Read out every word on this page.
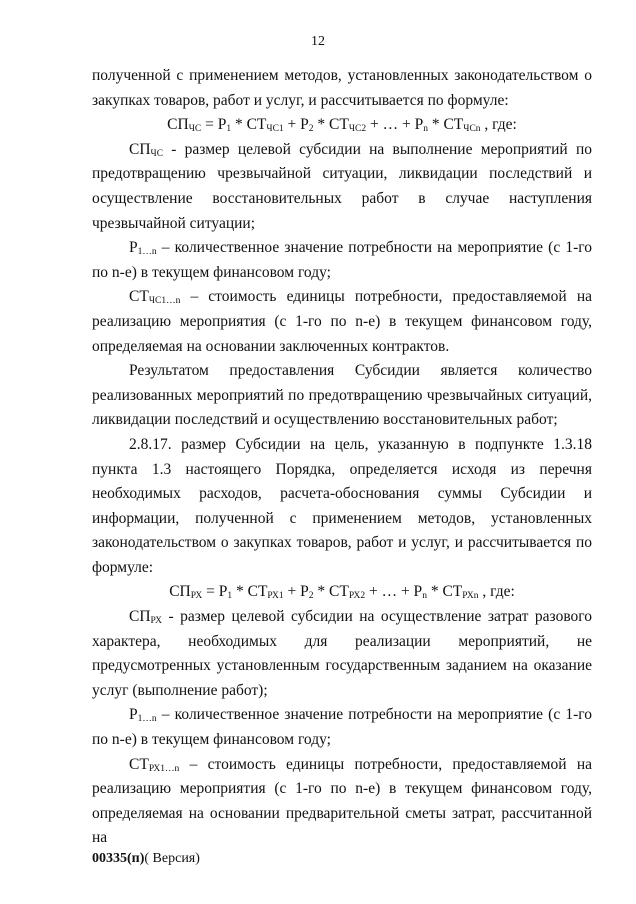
12

полученной с применением методов, установленных законодательством о закупках товаров, работ и услуг, и рассчитывается по формуле:

$СП_{ЧС} = P_1 * СТ_{ЧС1} + P_2 * СТ_{ЧС2}$ + … + $P_n * СТ_{ЧСn}$ , где:

$СП_{ЧС}$ - размер целевой субсидии на выполнение мероприятий по предотвращению чрезвычайной ситуации, ликвидации последствий и осуществление восстановительных работ в случае наступления чрезвычайной ситуации;

$P_{1\dots n}$ – количественное значение потребности на мероприятие (с 1-го по n-е) в текущем финансовом году;

$СТ_{ЧС1\dots n}$ – стоимость единицы потребности, предоставляемой на реализацию мероприятия (с 1-го по n-е) в текущем финансовом году, определяемая на основании заключенных контрактов.

Результатом предоставления Субсидии является количество реализованных мероприятий по предотвращению чрезвычайных ситуаций, ликвидации последствий и осуществлению восстановительных работ;

2.8.17. размер Субсидии на цель, указанную в подпункте 1.3.18 пункта 1.3 настоящего Порядка, определяется исходя из перечня необходимых расходов, расчета-обоснования суммы Субсидии и информации, полученной с применением методов, установленных законодательством о закупках товаров, работ и услуг, и рассчитывается по формуле:

$СП_{РХ} = P_1 * СТ_{РХ1} + P_2 * СТ_{РХ2}$ + … + $P_n * СТ_{РХn}$ , где:

$СП_{РХ}$ - размер целевой субсидии на осуществление затрат разового характера, необходимых для реализации мероприятий, не предусмотренных установленным государственным заданием на оказание услуг (выполнение работ);

$P_{1\dots n}$ – количественное значение потребности на мероприятие (с 1-го по n-е) в текущем финансовом году;

$СТ_{РХ1\dots n}$ – стоимость единицы потребности, предоставляемой на реализацию мероприятия (с 1-го по n-е) в текущем финансовом году, определяемая на основании предварительной сметы затрат, рассчитанной на

00335(п)( Версия)
